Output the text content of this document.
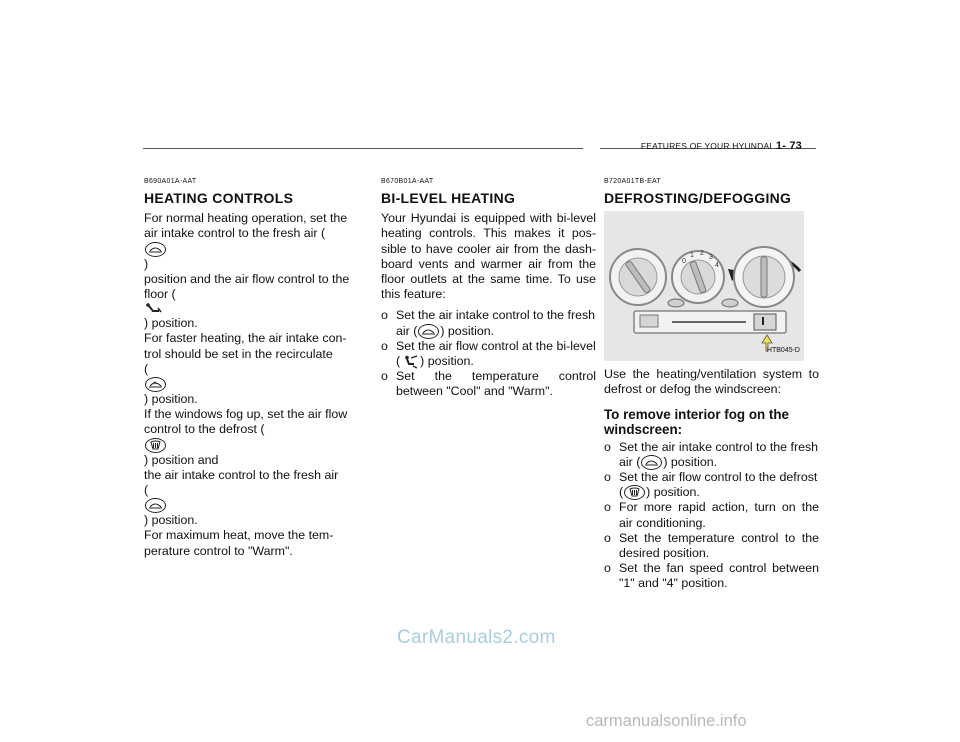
FEATURES OF YOUR HYUNDAI 1- 73
B690A01A-AAT
HEATING CONTROLS
For normal heating operation, set the
air intake control to the fresh air (
)
position and the air flow control to the
floor (
) position.
For faster heating, the air intake con-
trol should be set in the recirculate
(
) position.
If the windows fog up, set the air flow
control to the defrost (
) position and
the air intake control to the fresh air
(
) position.
For maximum heat, move the tem-
perature control to "Warm".
B670B01A-AAT
BI-LEVEL HEATING
Your Hyundai is equipped with bi-level heating controls. This makes it pos-sible to have cooler air from the dash-board vents and warmer air from the floor outlets at the same time. To use this feature:
o Set the air intake control to the fresh
air ( ) position.
o Set the air flow control at the bi-level
( ) position.
o Set the temperature control between "Cool" and "Warm".
B720A01TB-EAT
DEFROSTING/DEFOGGING
0
1 2
3
4
HTB045-D
Use the heating/ventilation system to defrost or defog the windscreen:
To remove interior fog on the windscreen:
o Set the air intake control to the fresh
air ( ) position.
o Set the air flow control to the defrost
( ) position.
o For more rapid action, turn on the air conditioning.
o Set the temperature control to the desired position.
o Set the fan speed control between "1" and "4" position.
CarManuals2.com
carmanualsonline.info
